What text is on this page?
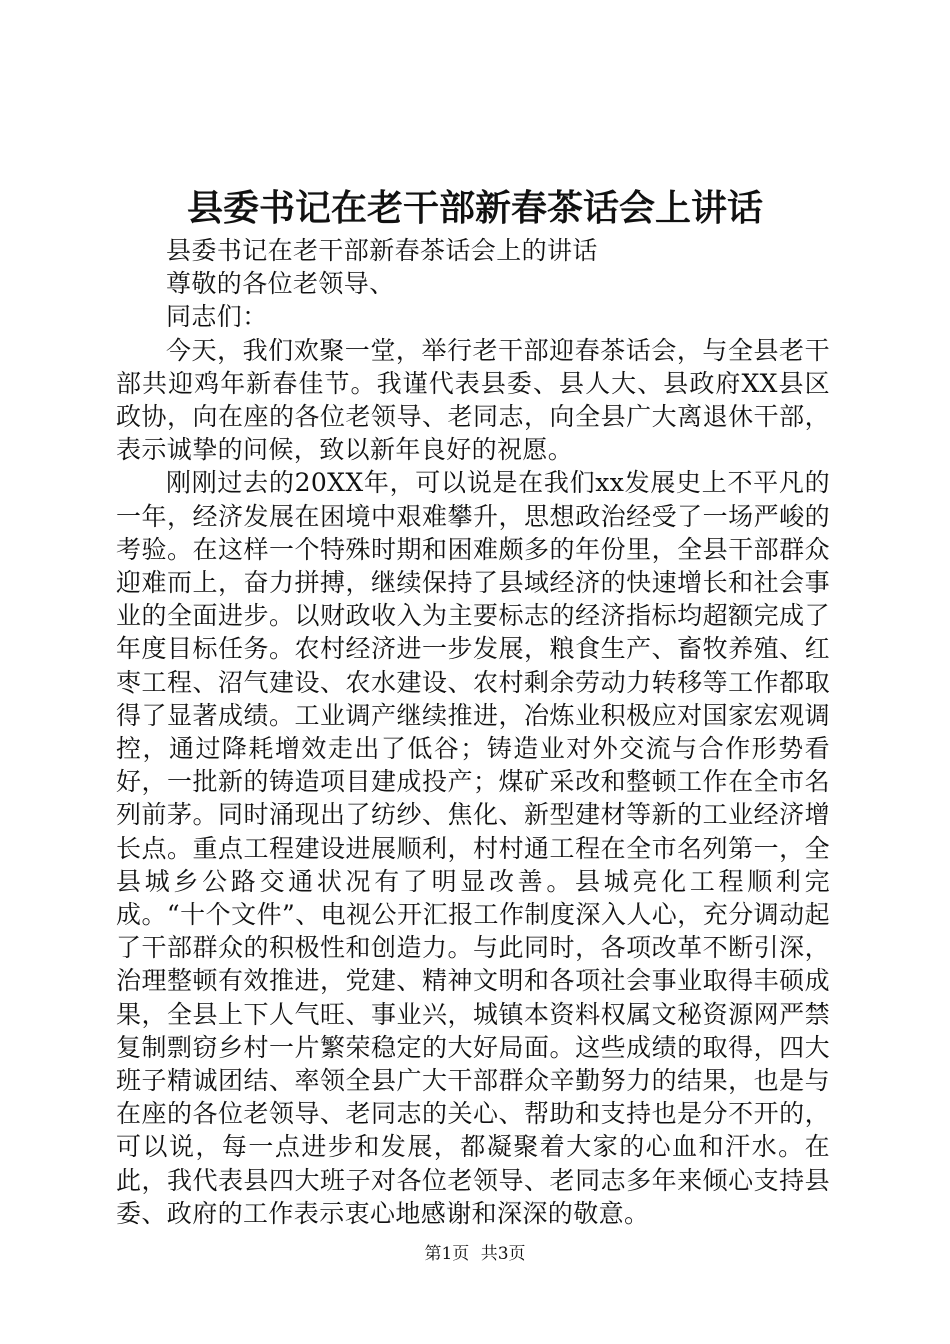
县委书记在老干部新春茶话会上讲话

县委书记在老干部新春茶话会上的讲话

尊敬的各位老领导、

同志们：

今天，我们欢聚一堂，举行老干部迎春茶话会，与全县老干部共迎鸡年新春佳节。我谨代表县委、县人大、县政府XX县区政协，向在座的各位老领导、老同志，向全县广大离退休干部，表示诚挚的问候，致以新年良好的祝愿。

刚刚过去的20XX年，可以说是在我们xx发展史上不平凡的一年，经济发展在困境中艰难攀升，思想政治经受了一场严峻的考验。在这样一个特殊时期和困难颇多的年份里，全县干部群众迎难而上，奋力拼搏，继续保持了县域经济的快速增长和社会事业的全面进步。以财政收入为主要标志的经济指标均超额完成了年度目标任务。农村经济进一步发展，粮食生产、畜牧养殖、红枣工程、沼气建设、农水建设、农村剩余劳动力转移等工作都取得了显著成绩。工业调产继续推进，冶炼业积极应对国家宏观调控，通过降耗增效走出了低谷；铸造业对外交流与合作形势看好，一批新的铸造项目建成投产；煤矿采改和整顿工作在全市名列前茅。同时涌现出了纺纱、焦化、新型建材等新的工业经济增长点。重点工程建设进展顺利，村村通工程在全市名列第一，全县城乡公路交通状况有了明显改善。县城亮化工程顺利完成。“十个文件”、电视公开汇报工作制度深入人心，充分调动起了干部群众的积极性和创造力。与此同时，各项改革不断引深，治理整顿有效推进，党建、精神文明和各项社会事业取得丰硕成果，全县上下人气旺、事业兴，城镇本资料权属文秘资源网严禁复制剽窃乡村一片繁荣稳定的大好局面。这些成绩的取得，四大班子精诚团结、率领全县广大干部群众辛勤努力的结果，也是与在座的各位老领导、老同志的关心、帮助和支持也是分不开的，可以说，每一点进步和发展，都凝聚着大家的心血和汗水。在此，我代表县四大班子对各位老领导、老同志多年来倾心支持县委、政府的工作表示衷心地感谢和深深的敬意。

第1页 共3页
